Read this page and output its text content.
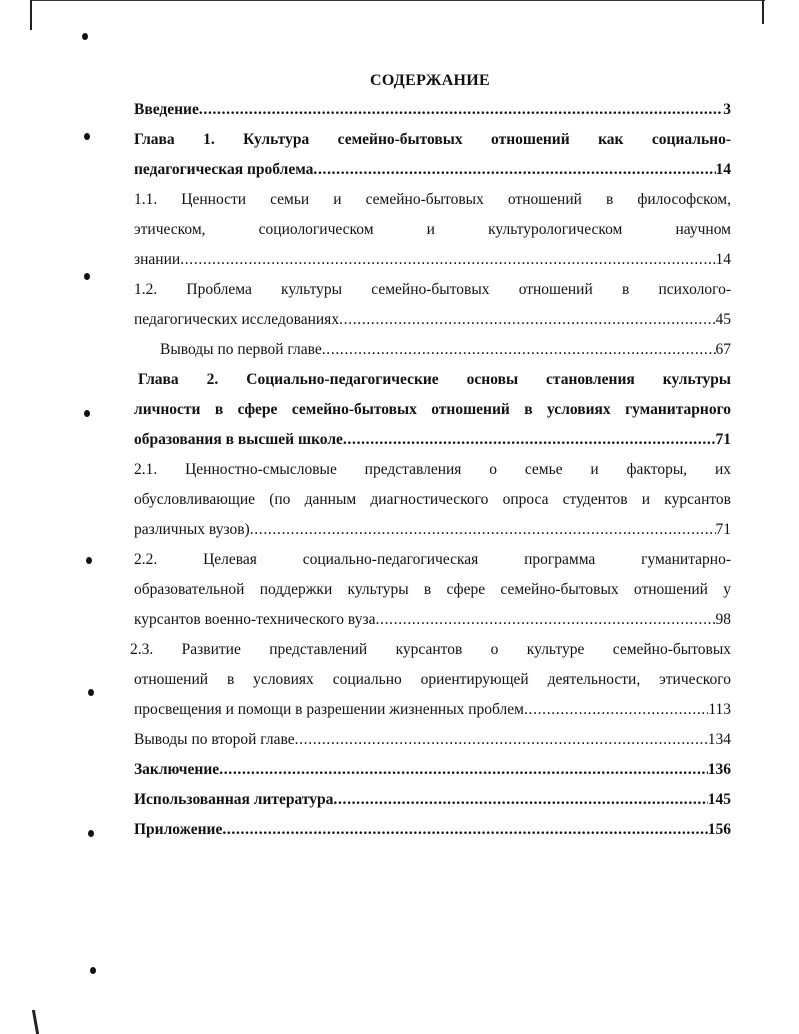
СОДЕРЖАНИЕ
Введение . . .	3
Глава 1. Культура семейно-бытовых отношений как социально-
педагогическая проблема . . .	14
1.1. Ценности семьи и семейно-бытовых отношений в философском,
этическом, социологическом и культурологическом научном
знании . . .	14
1.2. Проблема культуры семейно-бытовых отношений в психолого-
педагогических исследованиях . . .	45
Выводы по первой главе . . .	67
Глава 2. Социально-педагогические основы становления культуры
личности в сфере семейно-бытовых отношений в условиях гуманитарного
образования в высшей школе . . .	71
2.1. Ценностно-смысловые представления о семье и факторы, их
обусловливающие (по данным диагностического опроса студентов и курсантов
различных вузов) . . .	71
2.2. Целевая социально-педагогическая программа гуманитарно-
образовательной поддержки культуры в сфере семейно-бытовых отношений у
курсантов военно-технического вуза . . .	98
2.3. Развитие представлений курсантов о культуре семейно-бытовых
отношений в условиях социально ориентирующей деятельности, этического
просвещения и помощи в разрешении жизненных проблем . . .	113
Выводы по второй главе . . .	134
Заключение . . .	136
Использованная литература . . .	145
Приложение . . .	156
